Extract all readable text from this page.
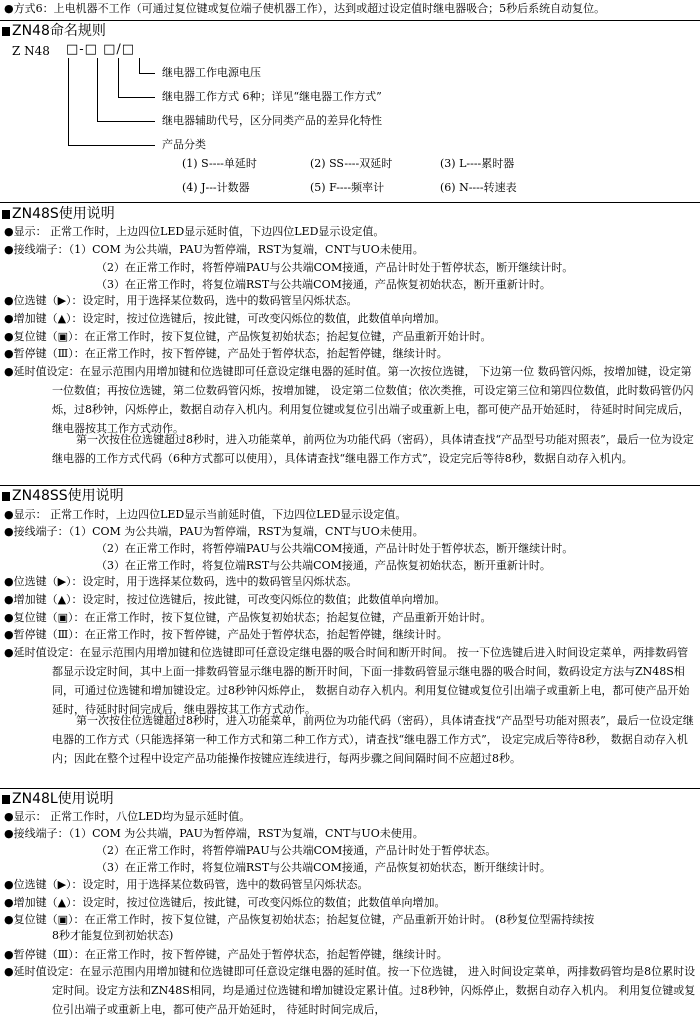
●方式6：上电机器不工作（可通过复位键或复位端子使机器工作），达到或超过设定值时继电器吸合；5秒后系统自动复位。
ZN48命名规则
Z N48 □-□ □/□
继电器工作电源电压
继电器工作方式 6种；详见“继电器工作方式”
继电器辅助代号，区分同类产品的差异化特性
产品分类
(1) S----单延时	(2) SS----双延时	(3) L----累时器
(4) J---计数器	(5) F----频率计	(6) N----转速表
ZN48S使用说明
●显示： 正常工作时，上边四位LED显示延时值，下边四位LED显示设定值。
●接线端子：（1）COM 为公共端，PAU为暂停端，RST为复端，CNT与UO未使用。
（2）在正常工作时，将暂停端PAU与公共端COM接通，产品计时处于暂停状态，断开继续计时。
（3）在正常工作时，将复位端RST与公共端COM接通，产品恢复初始状态，断开重新计时。
●位选键（▶）：设定时，用于选择某位数码，选中的数码管呈闪烁状态。
●增加键（▲）：设定时，按过位选键后，按此键，可改变闪烁位的数值，此数值单向增加。
●复位键（▣）：在正常工作时，按下复位键，产品恢复初始状态；抬起复位键，产品重新开始计时。
●暂停键（Ⅲ）：在正常工作时，按下暂停键，产品处于暂停状态，抬起暂停键，继续计时。
●延时值设定：在显示范围内用增加键和位选键即可任意设定继电器的延时值。第一次按位选键， 下边第一位 数码管闪烁，按增加键，设定第一位数值；再按位选键，第二位数码管闪烁，按增加键， 设定第二位数值；依次类推，可设定第三位和第四位数值，此时数码管仍闪烁，过8秒钟，闪烁停止，数据自动存入机内。利用复位键或复位引出端子或重新上电，都可使产品开始延时， 待延时时间完成后，继电器按其工作方式动作。
第一次按住位选键超过8秒时，进入功能菜单，前两位为功能代码（密码），具体请查找“产品型号功能对照表”，最后一位为设定继电器的工作方式代码（6种方式都可以使用），具体请查找“继电器工作方式”，设定完后等待8秒，数据自动存入机内。
ZN48SS使用说明
●显示： 正常工作时，上边四位LED显示当前延时值，下边四位LED显示设定值。
●接线端子：（1）COM 为公共端，PAU为暂停端，RST为复端，CNT与UO未使用。
（2）在正常工作时，将暂停端PAU与公共端COM接通，产品计时处于暂停状态，断开继续计时。
（3）在正常工作时，将复位端RST与公共端COM接通，产品恢复初始状态，断开重新计时。
●位选键（▶）：设定时，用于选择某位数码，选中的数码管呈闪烁状态。
●增加键（▲）：设定时，按过位选键后，按此键，可改变闪烁位的数值；此数值单向增加。
●复位键（▣）：在正常工作时，按下复位键，产品恢复初始状态；抬起复位键，产品重新开始计时。
●暂停键（Ⅲ）：在正常工作时，按下暂停键，产品处于暂停状态，抬起暂停键，继续计时。
●延时值设定：在显示范围内用增加键和位选键即可任意设定继电器的吸合时间和断开时间。 按一下位选键后进入时间设定菜单，两排数码管都显示设定时间，其中上面一排数码管显示继电器的断开时间，下面一排数码管显示继电器的吸合时间，数码设定方法与ZN48S相同，可通过位选键和增加键设定。过8秒钟闪烁停止， 数据自动存入机内。利用复位键或复位引出端子或重新上电，都可使产品开始延时，待延时时间完成后，继电器按其工作方式动作。
第一次按住位选键超过8秒时，进入功能菜单，前两位为功能代码（密码），具体请查找“产品型号功能对照表”，最后一位设定继电器的工作方式（只能选择第一种工作方式和第二种工作方式），请查找“继电器工作方式”， 设定完成后等待8秒， 数据自动存入机内；因此在整个过程中设定产品功能操作按键应连续进行，每两步骤之间间隔时间不应超过8秒。
ZN48L使用说明
●显示： 正常工作时，八位LED均为显示延时值。
●接线端子：（1）COM 为公共端，PAU为暂停端，RST为复端，CNT与UO未使用。
（2）在正常工作时，将暂停端PAU与公共端COM接通，产品计时处于暂停状态。
（3）在正常工作时，将复位端RST与公共端COM接通，产品恢复初始状态，断开继续计时。
●位选键（▶）：设定时，用于选择某位数码管，选中的数码管呈闪烁状态。
●增加键（▲）：设定时，按过位选键后，按此键，可改变闪烁位的数值；此数值单向增加。
●复位键（▣）：在正常工作时，按下复位键，产品恢复初始状态；抬起复位键，产品重新开始计时。 (8秒复位型需持续按
8秒才能复位到初始状态)
●暂停键（Ⅲ）：在正常工作时，按下暂停键，产品处于暂停状态，抬起暂停键，继续计时。
●延时值设定：在显示范围内用增加键和位选键即可任意设定继电器的延时值。按一下位选键， 进入时间设定菜单，两排数码管均是8位累时设定时间。设定方法和ZN48S相同，均是通过位选键和增加键设定累计值。过8秒钟，闪烁停止，数据自动存入机内。 利用复位键或复位引出端子或重新上电，都可使产品开始延时， 待延时时间完成后，
